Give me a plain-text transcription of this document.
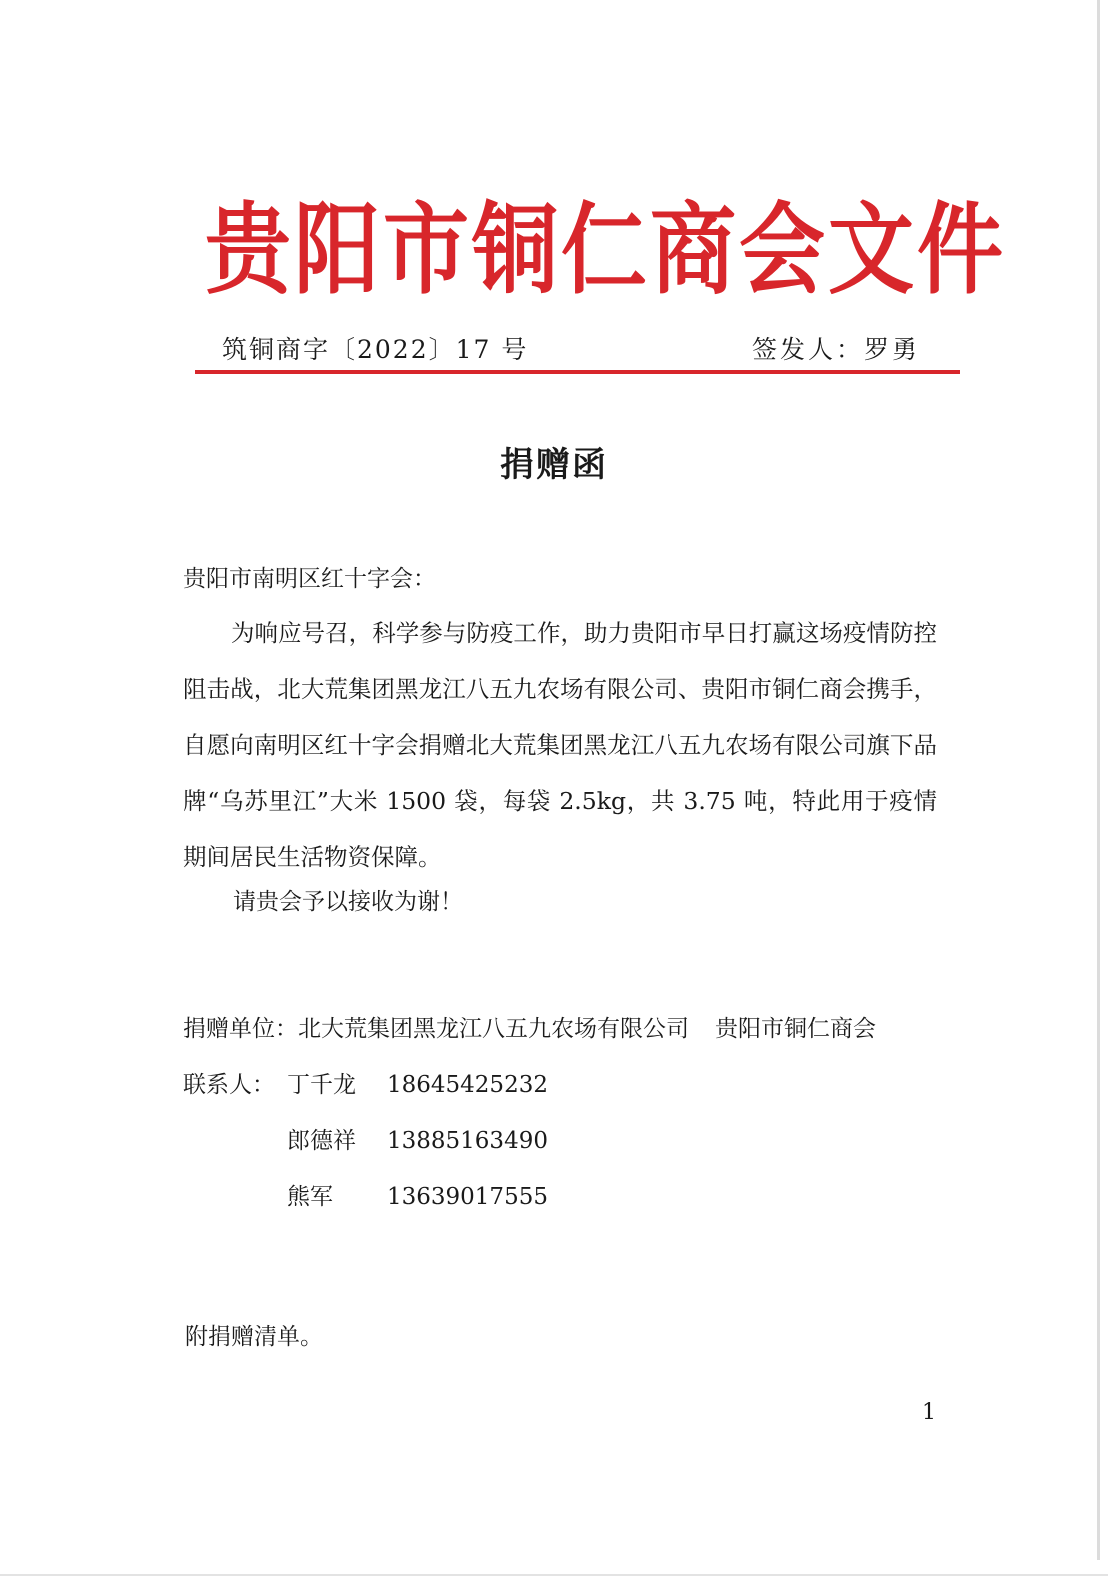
贵阳市铜仁商会文件
筑铜商字〔2022〕17 号	签发人：罗勇
捐赠函
贵阳市南明区红十字会：
为响应号召，科学参与防疫工作，助力贵阳市早日打赢这场疫情防控阻击战，北大荒集团黑龙江八五九农场有限公司、贵阳市铜仁商会携手，自愿向南明区红十字会捐赠北大荒集团黑龙江八五九农场有限公司旗下品牌“乌苏里江”大米 1500 袋，每袋 2.5kg，共 3.75 吨，特此用于疫情期间居民生活物资保障。
请贵会予以接收为谢！
捐赠单位：北大荒集团黑龙江八五九农场有限公司 贵阳市铜仁商会
联系人： 丁千龙 18645425232
郎德祥 13885163490
熊军 13639017555
附捐赠清单。
1
